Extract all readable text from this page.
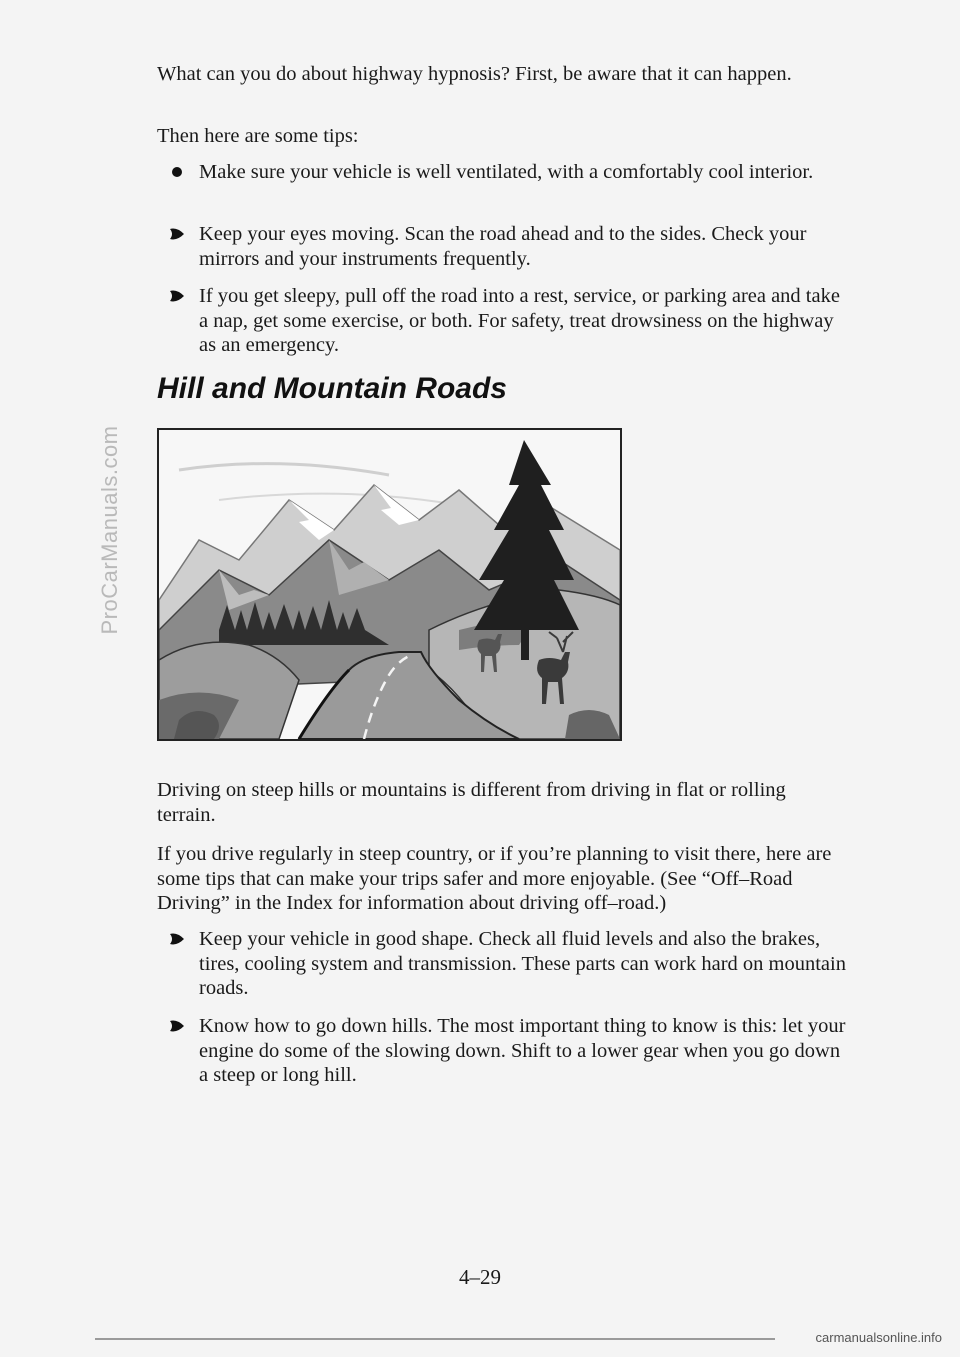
ProCarManuals.com

What can you do about highway hypnosis? First, be aware that it can happen.

Then here are some tips:

Make sure your vehicle is well ventilated, with a comfortably cool interior.
Keep your eyes moving. Scan the road ahead and to the sides. Check your mirrors and your instruments frequently.
If you get sleepy, pull off the road into a rest, service, or parking area and take a nap, get some exercise, or both. For safety, treat drowsiness on the highway as an emergency.
Hill and Mountain Roads

Driving on steep hills or mountains is different from driving in flat or rolling terrain.

If you drive regularly in steep country, or if you’re planning to visit there, here are some tips that can make your trips safer and more enjoyable. (See “Off–Road Driving” in the Index for information about driving off–road.)

Keep your vehicle in good shape. Check all fluid levels and also the brakes, tires, cooling system and transmission. These parts can work hard on mountain roads.
Know how to go down hills. The most important thing to know is this: let your engine do some of the slowing down. Shift to a lower gear when you go down a steep or long hill.
4–29
carmanualsonline.info
